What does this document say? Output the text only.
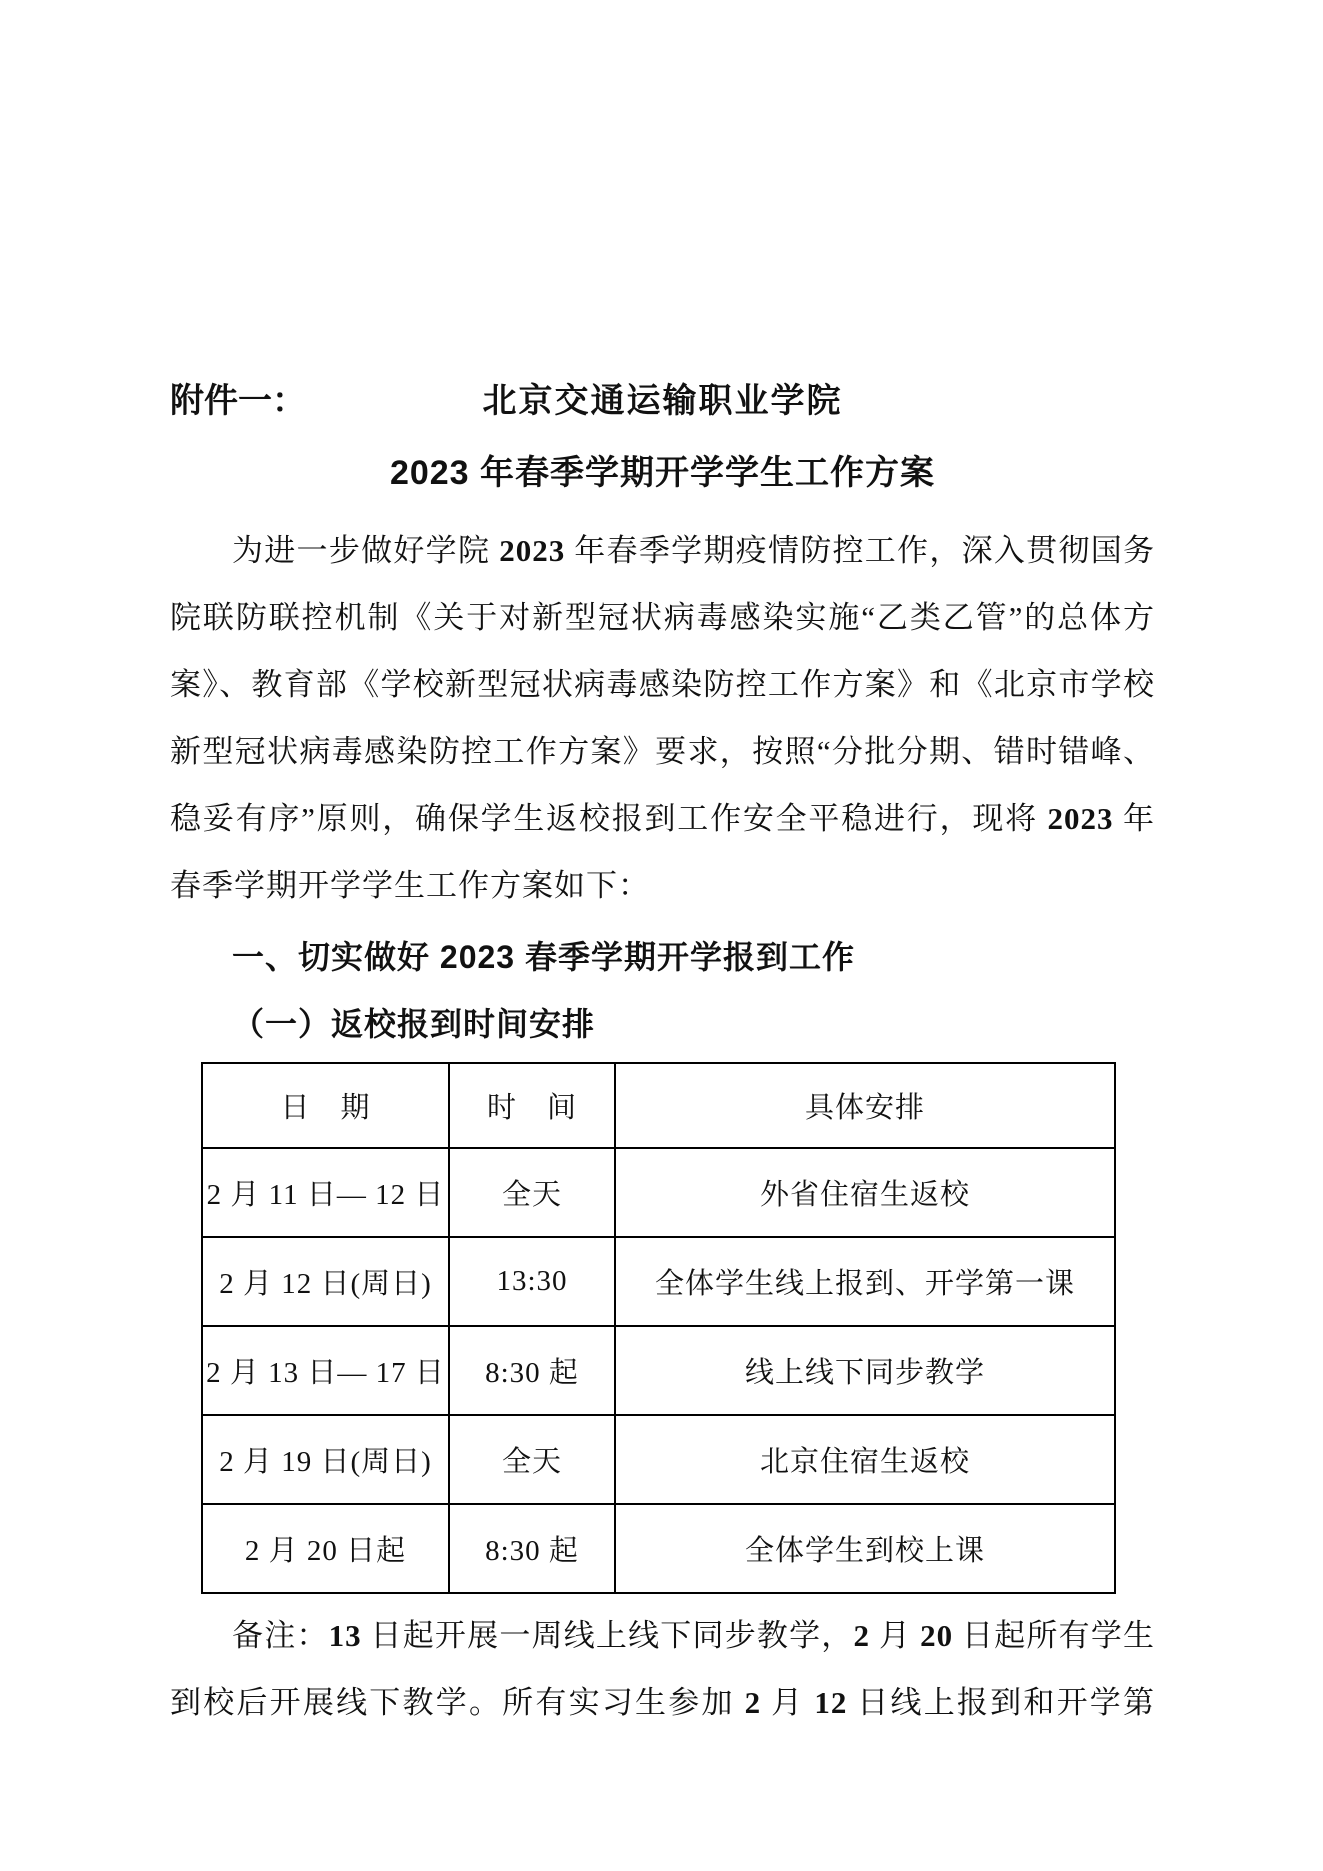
附件一：	北京交通运输职业学院
2023 年春季学期开学学生工作方案
为进一步做好学院 2023 年春季学期疫情防控工作，深入贯彻国务
院联防联控机制《关于对新型冠状病毒感染实施“乙类乙管”的总体方
案》、教育部《学校新型冠状病毒感染防控工作方案》和《北京市学校
新型冠状病毒感染防控工作方案》要求，按照“分批分期、错时错峰、
稳妥有序”原则，确保学生返校报到工作安全平稳进行，现将 2023 年
春季学期开学学生工作方案如下：
一、切实做好 2023 春季学期开学报到工作
（一）返校报到时间安排
日　期	时　间	具体安排
2 月 11 日— 12 日	全天	外省住宿生返校
2 月 12 日(周日)	13:30	全体学生线上报到、开学第一课
2 月 13 日— 17 日	8:30 起	线上线下同步教学
2 月 19 日(周日)	全天	北京住宿生返校
2 月 20 日起	8:30 起	全体学生到校上课
备注：13 日起开展一周线上线下同步教学，2 月 20 日起所有学生
到校后开展线下教学。所有实习生参加 2 月 12 日线上报到和开学第
